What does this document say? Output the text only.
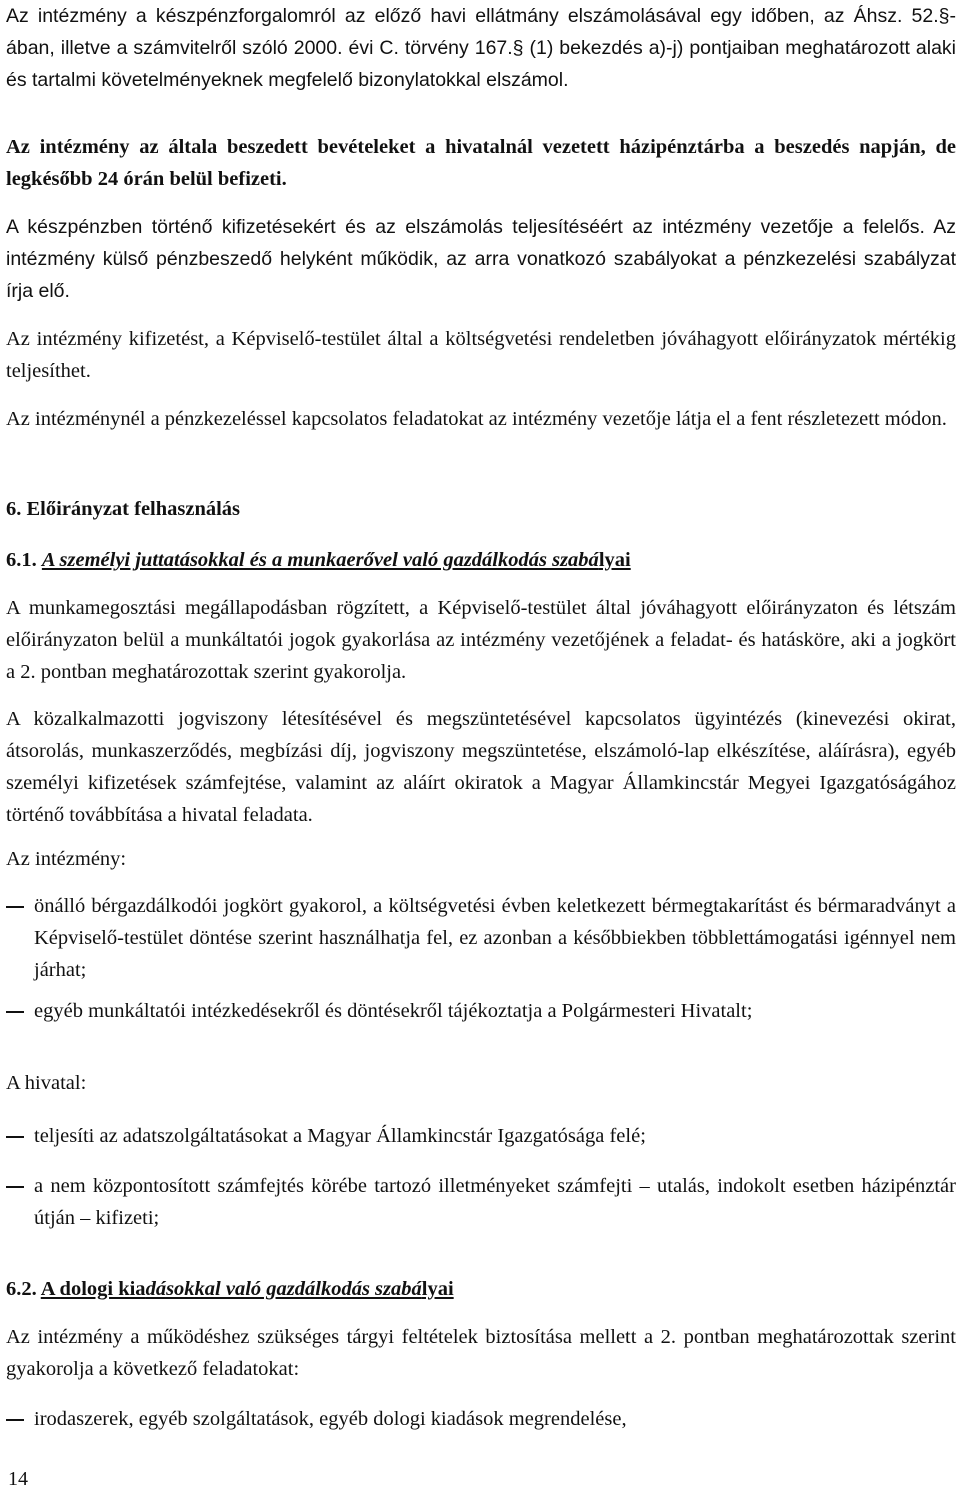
Az intézmény a készpénzforgalomról az előző havi ellátmány elszámolásával egy időben, az Áhsz. 52.§-ában, illetve a számvitelről szóló 2000. évi C. törvény 167.§ (1) bekezdés a)-j) pontjaiban meghatározott alaki és tartalmi követelményeknek megfelelő bizonylatokkal elszámol.

Az intézmény az általa beszedett bevételeket a hivatalnál vezetett házipénztárba a beszedés napján, de legkésőbb 24 órán belül befizeti.

A készpénzben történő kifizetésekért és az elszámolás teljesítéséért az intézmény vezetője a felelős. Az intézmény külső pénzbeszedő helyként működik, az arra vonatkozó szabályokat a pénzkezelési szabályzat írja elő.

Az intézmény kifizetést, a Képviselő-testület által a költségvetési rendeletben jóváhagyott előirányzatok mértékig teljesíthet.

Az intézménynél a pénzkezeléssel kapcsolatos feladatokat az intézmény vezetője látja el a fent részletezett módon.

6. Előirányzat felhasználás
6.1. A személyi juttatásokkal és a munkaerővel való gazdálkodás szabályai

A munkamegosztási megállapodásban rögzített, a Képviselő-testület által jóváhagyott előirányzaton és létszám előirányzaton belül a munkáltatói jogok gyakorlása az intézmény vezetőjének a feladat- és hatásköre, aki a jogkört a 2. pontban meghatározottak szerint gyakorolja.

A közalkalmazotti jogviszony létesítésével és megszüntetésével kapcsolatos ügyintézés (kinevezési okirat, átsorolás, munkaszerződés, megbízási díj, jogviszony megszüntetése, elszámoló-lap elkészítése, aláírásra), egyéb személyi kifizetések számfejtése, valamint az aláírt okiratok a Magyar Államkincstár Megyei Igazgatóságához történő továbbítása a hivatal feladata.

Az intézmény:
önálló bérgazdálkodói jogkört gyakorol, a költségvetési évben keletkezett bérmegtakarítást és bérmaradványt a Képviselő-testület döntése szerint használhatja fel, ez azonban a későbbiekben többlettámogatási igénnyel nem járhat;
egyéb munkáltatói intézkedésekről és döntésekről tájékoztatja a Polgármesteri Hivatalt;
A hivatal:
teljesíti az adatszolgáltatásokat a Magyar Államkincstár Igazgatósága felé;
a nem központosított számfejtés körébe tartozó illetményeket számfejti – utalás, indokolt esetben házipénztár útján – kifizeti;
6.2. A dologi kiadásokkal való gazdálkodás szabályai

Az intézmény a működéshez szükséges tárgyi feltételek biztosítása mellett a 2. pontban meghatározottak szerint gyakorolja a következő feladatokat:

irodaszerek, egyéb szolgáltatások, egyéb dologi kiadások megrendelése,
14
